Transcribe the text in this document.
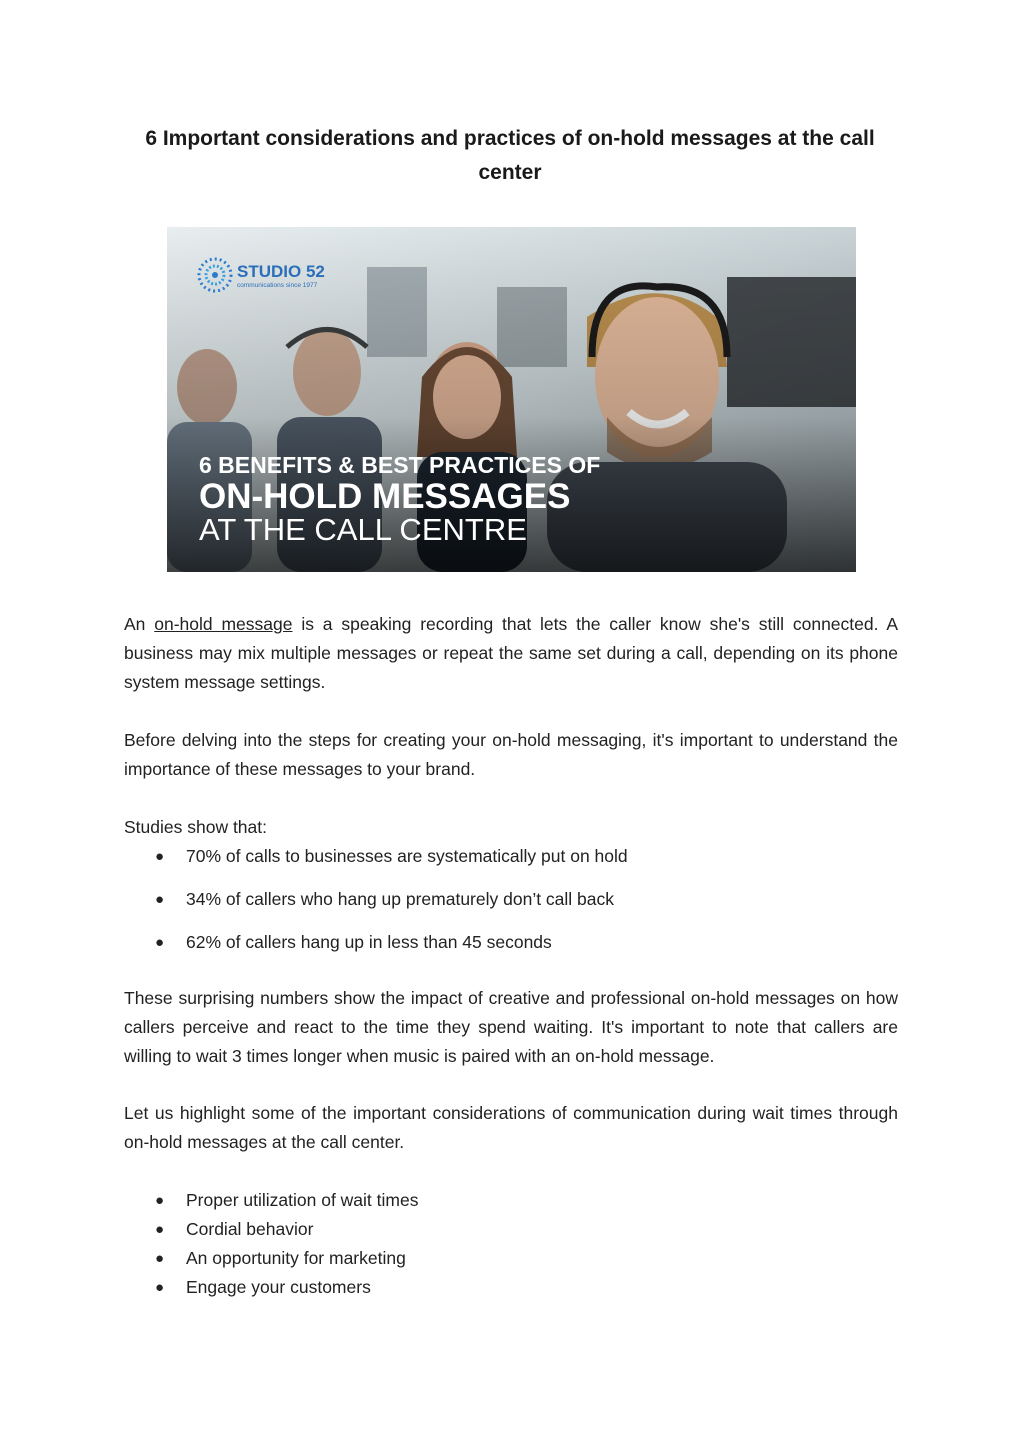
6 Important considerations and practices of on-hold messages at the call center
STUDIO 52
communications since 1977
6 BENEFITS & BEST PRACTICES OF
ON-HOLD MESSAGES
AT THE CALL CENTRE
An on-hold message is a speaking recording that lets the caller know she's still connected. A business may mix multiple messages or repeat the same set during a call, depending on its phone system message settings.
Before delving into the steps for creating your on-hold messaging, it's important to understand the importance of these messages to your brand.
Studies show that:
● 70% of calls to businesses are systematically put on hold
● 34% of callers who hang up prematurely don’t call back
● 62% of callers hang up in less than 45 seconds
These surprising numbers show the impact of creative and professional on-hold messages on how callers perceive and react to the time they spend waiting. It's important to note that callers are willing to wait 3 times longer when music is paired with an on-hold message.
Let us highlight some of the important considerations of communication during wait times through on-hold messages at the call center.
● Proper utilization of wait times
● Cordial behavior
● An opportunity for marketing
● Engage your customers
